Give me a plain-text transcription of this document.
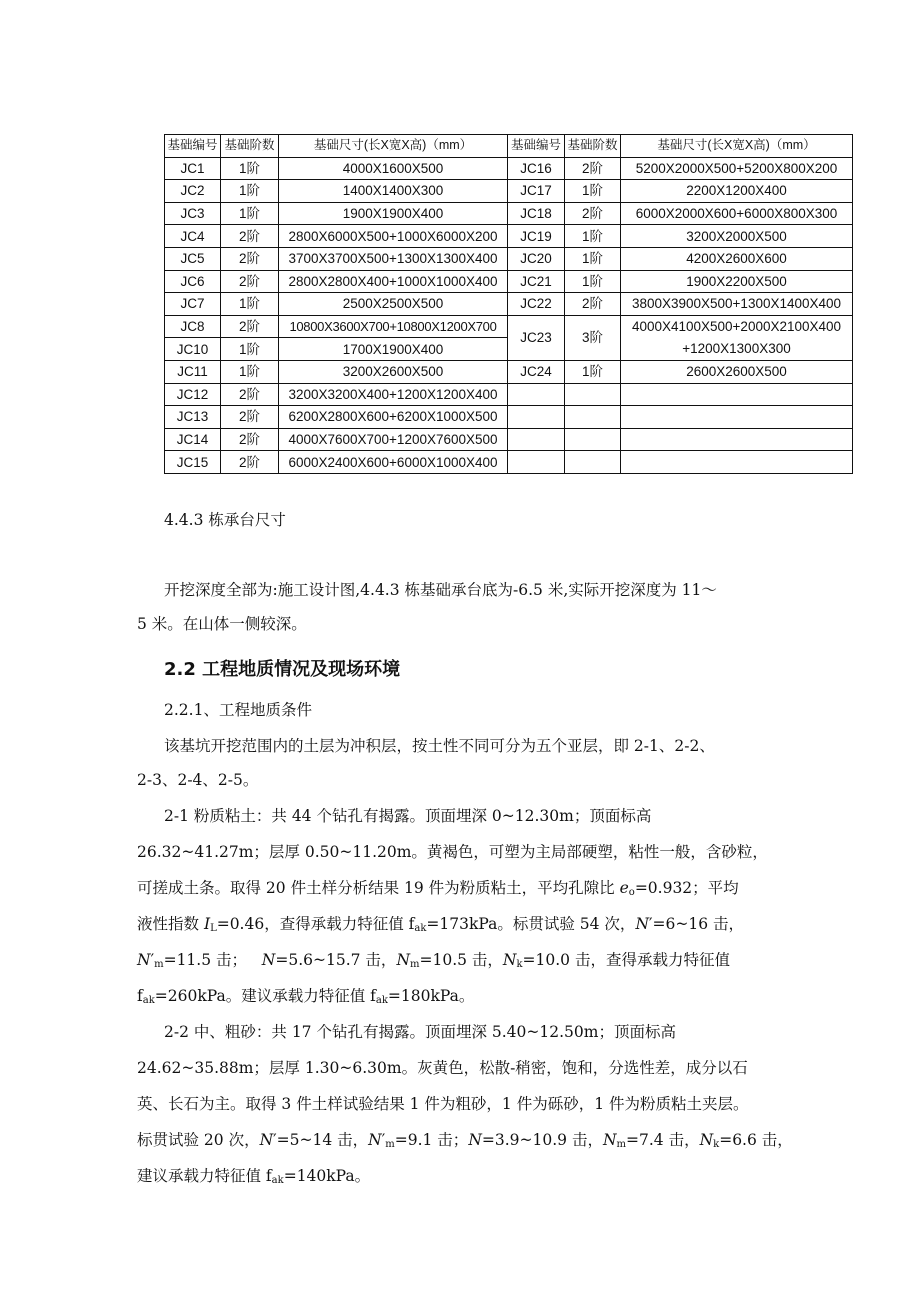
基础编号	基础阶数	基础尺寸(长X宽X高)（mm）	基础编号	基础阶数	基础尺寸(长X宽X高)（mm）
JC1	1阶	4000X1600X500	JC16	2阶	5200X2000X500+5200X800X200
JC2	1阶	1400X1400X300	JC17	1阶	2200X1200X400
JC3	1阶	1900X1900X400	JC18	2阶	6000X2000X600+6000X800X300
JC4	2阶	2800X6000X500+1000X6000X200	JC19	1阶	3200X2000X500
JC5	2阶	3700X3700X500+1300X1300X400	JC20	1阶	4200X2600X600
JC6	2阶	2800X2800X400+1000X1000X400	JC21	1阶	1900X2200X500
JC7	1阶	2500X2500X500	JC22	2阶	3800X3900X500+1300X1400X400
JC8	2阶	10800X3600X700+10800X1200X700	JC23	3阶	4000X4100X500+2000X2100X400
+1200X1300X300

JC10	1阶	1700X1900X400			
JC11	1阶	3200X2600X500	JC24	1阶	2600X2600X500
JC12	2阶	3200X3200X400+1200X1200X400			
JC13	2阶	6200X2800X600+6200X1000X500			
JC14	2阶	4000X7600X700+1200X7600X500			
JC15	2阶	6000X2400X600+6000X1000X400			
4.4.3 栋承台尺寸
开挖深度全部为:施工设计图,4.4.3 栋基础承台底为-6.5 米,实际开挖深度为 11～
5 米。在山体一侧较深。
2.2 工程地质情况及现场环境
2.2.1、工程地质条件
该基坑开挖范围内的土层为冲积层，按土性不同可分为五个亚层，即 2-1、2-2、
2-3、2-4、2-5。
2-1 粉质粘土：共 44 个钻孔有揭露。顶面埋深 0~12.30m；顶面标高
26.32~41.27m；层厚 0.50~11.20m。黄褐色，可塑为主局部硬塑，粘性一般，含砂粒，
可搓成土条。取得 20 件土样分析结果 19 件为粉质粘土，平均孔隙比 $e_o=0.932$；平均
液性指数 $I_L=0.46$，查得承载力特征值 $f_{ak}=173kPa$。标贯试验 54 次，N′=6~16 击，
$N'_m=11.5$ 击； N=5.6~15.7 击，$N_m=10.5$ 击，$N_k=10.0$ 击，查得承载力特征值
$f_{ak}=260kPa$。建议承载力特征值 $f_{ak}=180kPa$。
2-2 中、粗砂：共 17 个钻孔有揭露。顶面埋深 5.40~12.50m；顶面标高
24.62~35.88m；层厚 1.30~6.30m。灰黄色，松散-稍密，饱和，分选性差，成分以石
英、长石为主。取得 3 件土样试验结果 1 件为粗砂，1 件为砾砂，1 件为粉质粘土夹层。
标贯试验 20 次，N′=5~14 击，$N'_m=9.1$ 击；N=3.9~10.9 击，$N_m=7.4$ 击，$N_k=6.6$ 击，
建议承载力特征值 $f_{ak}=140kPa$。
